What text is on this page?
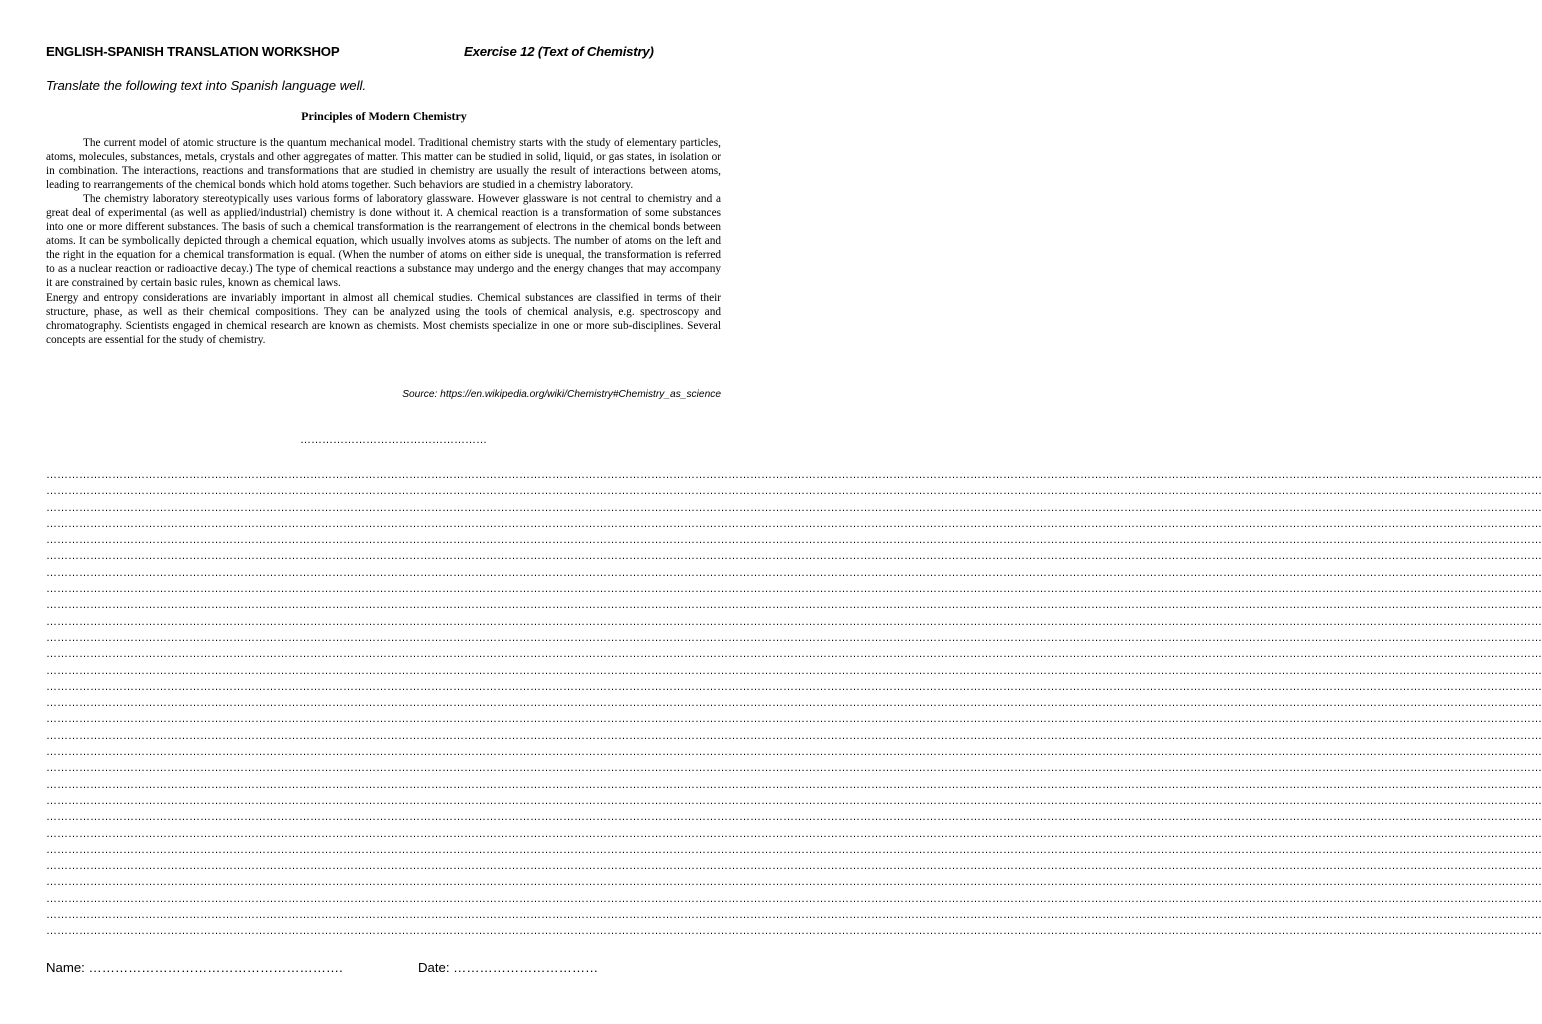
ENGLISH-SPANISH TRANSLATION WORKSHOP	Exercise 12 (Text of Chemistry)
Translate the following text into Spanish language well.
Principles of Modern Chemistry

The current model of atomic structure is the quantum mechanical model. Traditional chemistry starts with the study of elementary particles, atoms, molecules, substances, metals, crystals and other aggregates of matter. This matter can be studied in solid, liquid, or gas states, in isolation or in combination. The interactions, reactions and transformations that are studied in chemistry are usually the result of interactions between atoms, leading to rearrangements of the chemical bonds which hold atoms together. Such behaviors are studied in a chemistry laboratory.

The chemistry laboratory stereotypically uses various forms of laboratory glassware. However glassware is not central to chemistry and a great deal of experimental (as well as applied/industrial) chemistry is done without it. A chemical reaction is a transformation of some substances into one or more different substances. The basis of such a chemical transformation is the rearrangement of electrons in the chemical bonds between atoms. It can be symbolically depicted through a chemical equation, which usually involves atoms as subjects. The number of atoms on the left and the right in the equation for a chemical transformation is equal. (When the number of atoms on either side is unequal, the transformation is referred to as a nuclear reaction or radioactive decay.) The type of chemical reactions a substance may undergo and the energy changes that may accompany it are constrained by certain basic rules, known as chemical laws.

Energy and entropy considerations are invariably important in almost all chemical studies. Chemical substances are classified in terms of their structure, phase, as well as their chemical compositions. They can be analyzed using the tools of chemical analysis, e.g. spectroscopy and chromatography. Scientists engaged in chemical research are known as chemists. Most chemists specialize in one or more sub-disciplines. Several concepts are essential for the study of chemistry.

Source: https://en.wikipedia.org/wiki/Chemistry#Chemistry_as_science
……………………………………………
…………………………………………………………………………………………………………………………………………………………………………………………………………………………………………………………………………………………………………………………………………………………………………
…………………………………………………………………………………………………………………………………………………………………………………………………………………………………………………………………………………………………………………………………………………………………………
…………………………………………………………………………………………………………………………………………………………………………………………………………………………………………………………………………………………………………………………………………………………………………
…………………………………………………………………………………………………………………………………………………………………………………………………………………………………………………………………………………………………………………………………………………………………………
…………………………………………………………………………………………………………………………………………………………………………………………………………………………………………………………………………………………………………………………………………………………………………
…………………………………………………………………………………………………………………………………………………………………………………………………………………………………………………………………………………………………………………………………………………………………………
…………………………………………………………………………………………………………………………………………………………………………………………………………………………………………………………………………………………………………………………………………………………………………
…………………………………………………………………………………………………………………………………………………………………………………………………………………………………………………………………………………………………………………………………………………………………………
…………………………………………………………………………………………………………………………………………………………………………………………………………………………………………………………………………………………………………………………………………………………………………
…………………………………………………………………………………………………………………………………………………………………………………………………………………………………………………………………………………………………………………………………………………………………………
…………………………………………………………………………………………………………………………………………………………………………………………………………………………………………………………………………………………………………………………………………………………………………
…………………………………………………………………………………………………………………………………………………………………………………………………………………………………………………………………………………………………………………………………………………………………………
…………………………………………………………………………………………………………………………………………………………………………………………………………………………………………………………………………………………………………………………………………………………………………
…………………………………………………………………………………………………………………………………………………………………………………………………………………………………………………………………………………………………………………………………………………………………………
…………………………………………………………………………………………………………………………………………………………………………………………………………………………………………………………………………………………………………………………………………………………………………
…………………………………………………………………………………………………………………………………………………………………………………………………………………………………………………………………………………………………………………………………………………………………………
…………………………………………………………………………………………………………………………………………………………………………………………………………………………………………………………………………………………………………………………………………………………………………
…………………………………………………………………………………………………………………………………………………………………………………………………………………………………………………………………………………………………………………………………………………………………………
…………………………………………………………………………………………………………………………………………………………………………………………………………………………………………………………………………………………………………………………………………………………………………
…………………………………………………………………………………………………………………………………………………………………………………………………………………………………………………………………………………………………………………………………………………………………………
…………………………………………………………………………………………………………………………………………………………………………………………………………………………………………………………………………………………………………………………………………………………………………
…………………………………………………………………………………………………………………………………………………………………………………………………………………………………………………………………………………………………………………………………………………………………………
…………………………………………………………………………………………………………………………………………………………………………………………………………………………………………………………………………………………………………………………………………………………………………
…………………………………………………………………………………………………………………………………………………………………………………………………………………………………………………………………………………………………………………………………………………………………………
…………………………………………………………………………………………………………………………………………………………………………………………………………………………………………………………………………………………………………………………………………………………………………
…………………………………………………………………………………………………………………………………………………………………………………………………………………………………………………………………………………………………………………………………………………………………………
…………………………………………………………………………………………………………………………………………………………………………………………………………………………………………………………………………………………………………………………………………………………………………
…………………………………………………………………………………………………………………………………………………………………………………………………………………………………………………………………………………………………………………………………………………………………………
…………………………………………………………………………………………………………………………………………………………………………………………………………………………………………………………………………………………………………………………………………………………………………
Name: ………………………………………………….	Date: ……………………………
